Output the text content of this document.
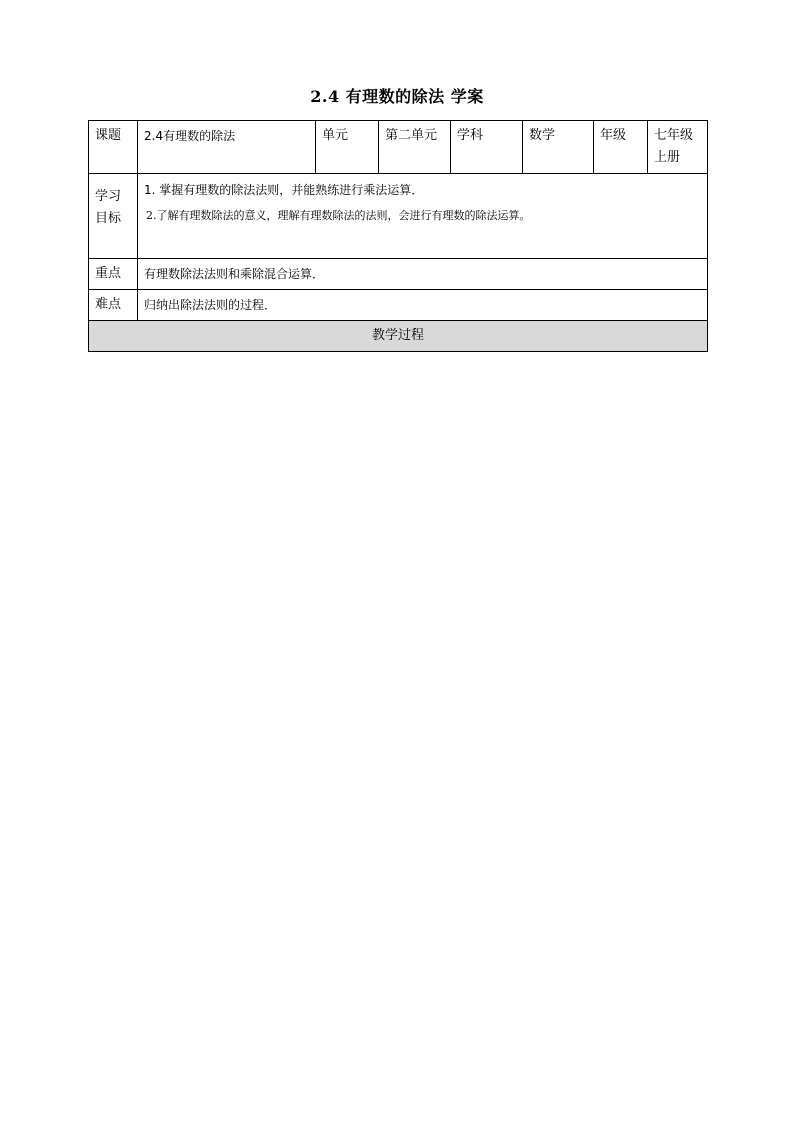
2.4 有理数的除法 学案
课题	2.4有理数的除法	单元	第二单元	学科	数学	年级	七年级上册
学习目标	1. 掌握有理数的除法法则，并能熟练进行乘法运算．
2.了解有理数除法的意义，理解有理数除法的法则，会进行有理数的除法运算。						

重点	有理数除法法则和乘除混合运算．						
难点	归纳出除法法则的过程．						
教学过程							
